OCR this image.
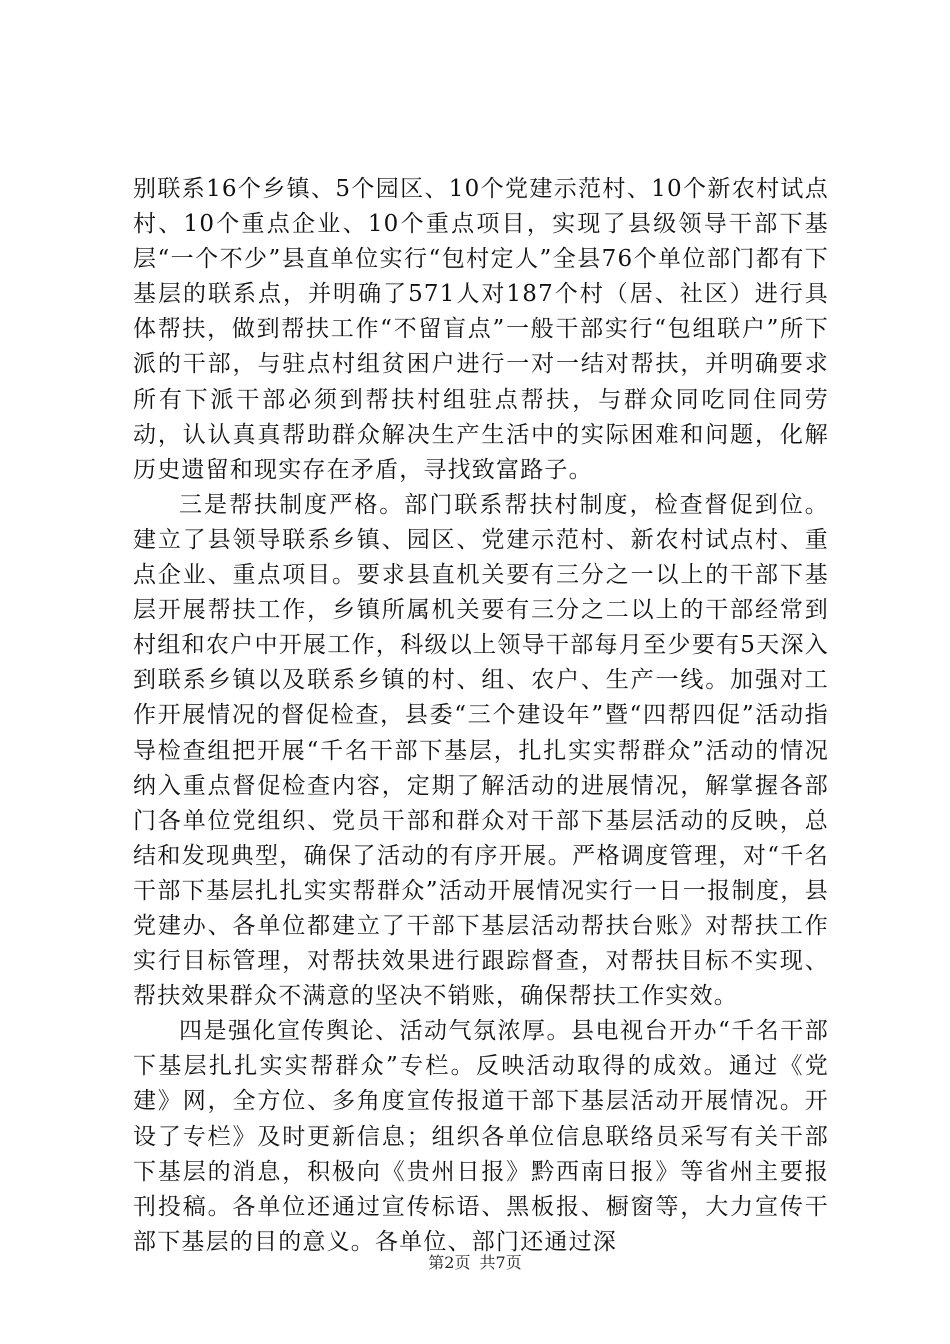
别联系16个乡镇、5个园区、10个党建示范村、10个新农村试点村、10个重点企业、10个重点项目，实现了县级领导干部下基层“一个不少”县直单位实行“包村定人”全县76个单位部门都有下基层的联系点，并明确了571人对187个村（居、社区）进行具体帮扶，做到帮扶工作“不留盲点”一般干部实行“包组联户”所下派的干部，与驻点村组贫困户进行一对一结对帮扶，并明确要求所有下派干部必须到帮扶村组驻点帮扶，与群众同吃同住同劳动，认认真真帮助群众解决生产生活中的实际困难和问题，化解历史遗留和现实存在矛盾，寻找致富路子。

三是帮扶制度严格。部门联系帮扶村制度，检查督促到位。建立了县领导联系乡镇、园区、党建示范村、新农村试点村、重点企业、重点项目。要求县直机关要有三分之一以上的干部下基层开展帮扶工作，乡镇所属机关要有三分之二以上的干部经常到村组和农户中开展工作，科级以上领导干部每月至少要有5天深入到联系乡镇以及联系乡镇的村、组、农户、生产一线。加强对工作开展情况的督促检查，县委“三个建设年”暨“四帮四促”活动指导检查组把开展“千名干部下基层，扎扎实实帮群众”活动的情况纳入重点督促检查内容，定期了解活动的进展情况，解掌握各部门各单位党组织、党员干部和群众对干部下基层活动的反映，总结和发现典型，确保了活动的有序开展。严格调度管理，对“千名干部下基层扎扎实实帮群众”活动开展情况实行一日一报制度，县党建办、各单位都建立了干部下基层活动帮扶台账》对帮扶工作实行目标管理，对帮扶效果进行跟踪督查，对帮扶目标不实现、帮扶效果群众不满意的坚决不销账，确保帮扶工作实效。

四是强化宣传舆论、活动气氛浓厚。县电视台开办“千名干部下基层扎扎实实帮群众”专栏。反映活动取得的成效。通过《党建》网，全方位、多角度宣传报道干部下基层活动开展情况。开设了专栏》及时更新信息；组织各单位信息联络员采写有关干部下基层的消息，积极向《贵州日报》黔西南日报》等省州主要报刊投稿。各单位还通过宣传标语、黑板报、橱窗等，大力宣传干部下基层的目的意义。各单位、部门还通过深

第2页 共7页
